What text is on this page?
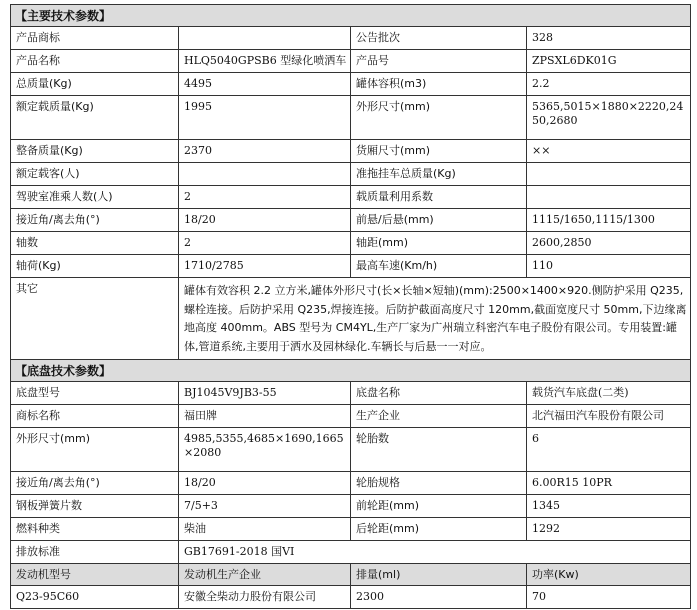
【主要技术参数】			
产品商标		公告批次	328
产品名称	HLQ5040GPSB6 型绿化喷洒车	产品号	ZPSXL6DK01G
总质量(Kg)	4495	罐体容积(m3)	2.2
额定载质量(Kg)	1995	外形尺寸(mm)	5365,5015×1880×2220,2450,2680
整备质量(Kg)	2370	货厢尺寸(mm)	××
额定载客(人)		准拖挂车总质量(Kg)	
驾驶室准乘人数(人)	2	载质量利用系数	
接近角/离去角(°)	18/20	前悬/后悬(mm)	1115/1650,1115/1300
轴数	2	轴距(mm)	2600,2850
轴荷(Kg)	1710/2785	最高车速(Km/h)	110
其它	罐体有效容积 2.2 立方米,罐体外形尺寸(长×长轴×短轴)(mm):2500×1400×920.侧防护采用 Q235,螺栓连接。后防护采用 Q235,焊接连接。后防护截面高度尺寸 120mm,截面宽度尺寸 50mm,下边缘离地高度 400mm。ABS 型号为 CM4YL,生产厂家为广州瑞立科密汽车电子股份有限公司。专用装置:罐体,管道系统,主要用于洒水及园林绿化.车辆长与后悬一一对应。		
【底盘技术参数】			
底盘型号	BJ1045V9JB3-55	底盘名称	载货汽车底盘(二类)
商标名称	福田牌	生产企业	北汽福田汽车股份有限公司
外形尺寸(mm)	4985,5355,4685×1690,1665×2080	轮胎数	6
接近角/离去角(°)	18/20	轮胎规格	6.00R15 10PR
钢板弹簧片数	7/5+3	前轮距(mm)	1345
燃料种类	柴油	后轮距(mm)	1292
排放标准	GB17691-2018 国VI		
发动机型号	发动机生产企业	排量(ml)	功率(Kw)
Q23-95C60	安徽全柴动力股份有限公司	2300	70
